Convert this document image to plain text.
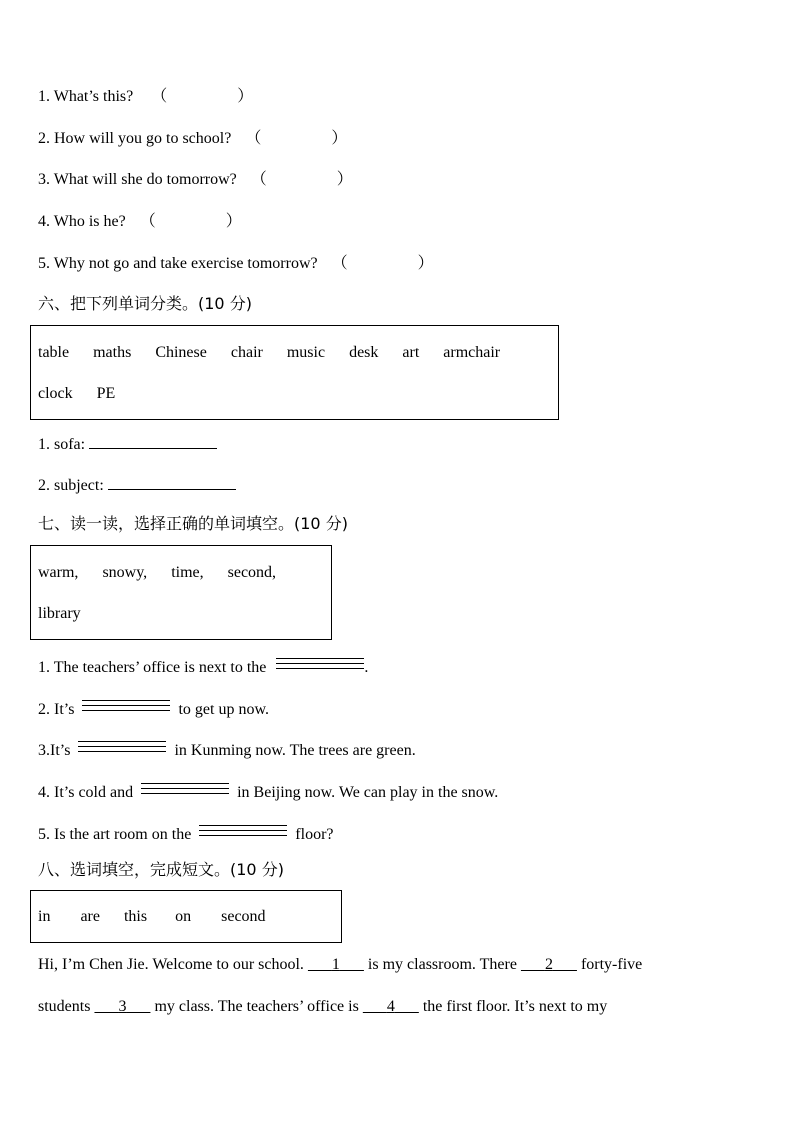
1. What’s this? （	）
2. How will you go to school? （	）
3. What will she do tomorrow? （	）
4. Who is he? （	）
5. Why not go and take exercise tomorrow? （	）
六、把下列单词分类。(10 分)
table maths Chinese chair music desk art armchair
clock PE
1. sofa:
2. subject:
七、读一读，选择正确的单词填空。(10 分)
warm, snowy, time, second,
library
1. The teachers’ office is next to the	.
2. It’s	to get up now.
3.It’s	in Kunming now. The trees are green.
4. It’s cold and	in Beijing now. We can play in the snow.
5. Is the art room on the	floor?
八、选词填空，完成短文。(10 分)
in are this on second
Hi, I’m Chen Jie. Welcome to our school. 1 is my classroom. There 2 forty-five
students 3 my class. The teachers’ office is 4 the first floor. It’s next to my
